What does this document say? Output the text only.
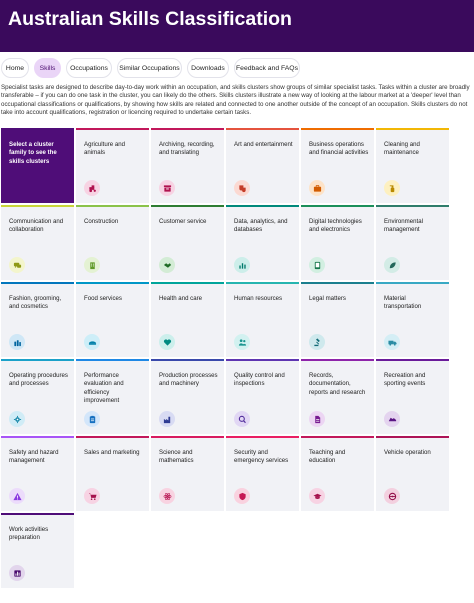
Australian Skills Classification
Home	Skills	Occupations	Similar Occupations	Downloads	Feedback and FAQs

Specialist tasks are designed to describe day-to-day work within an occupation, and skills clusters show groups of similar specialist tasks. Tasks within a cluster are broadly transferable – if you can do one task in the cluster, you can likely do the others. Skills clusters illustrate a new way of looking at the labour market at a 'deeper' level than occupational classifications or qualifications, by showing how skills are related and connected to one another outside of the concept of an occupation. Skills clusters do not take into account qualifications, registration or licencing required to undertake certain tasks.

Select a cluster family to see the skills clusters
Agriculture and animals
Archiving, recording, and translating
Art and entertainment	Business operations and financial activities
Cleaning and maintenance
Communication and collaboration
Construction	Customer service	Data, analytics, and databases
Digital technologies and electronics
Environmental management
Fashion, grooming, and cosmetics
Food services	Health and care	Human resources	Legal matters	Material transportation
Operating procedures and processes
Performance evaluation and efficiency improvement
Production processes and machinery
Quality control and inspections
Records, documentation, reports and research
Recreation and sporting events
Safety and hazard management
Sales and marketing	Science and mathematics
Security and emergency services
Teaching and education
Vehicle operation
Work activities preparation
